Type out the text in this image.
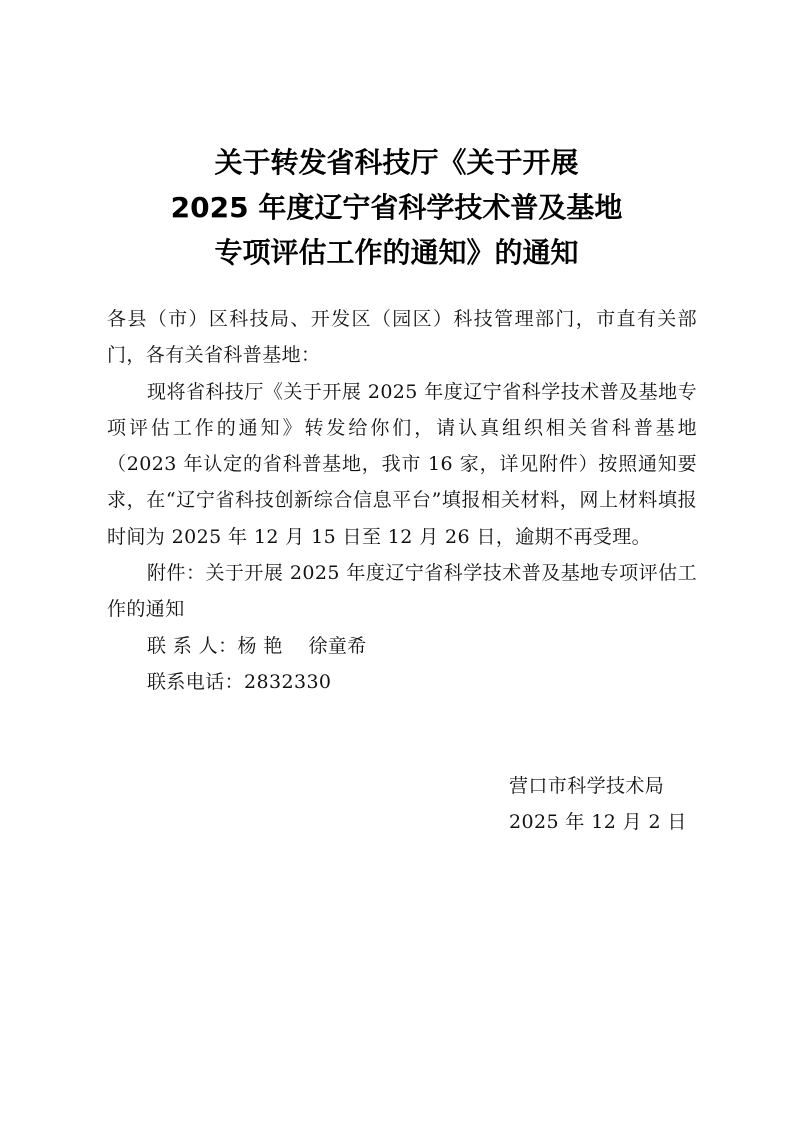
关于转发省科技厅《关于开展
2025 年度辽宁省科学技术普及基地
专项评估工作的通知》的通知

各县（市）区科技局、开发区（园区）科技管理部门，市直有关部门，各有关省科普基地：

现将省科技厅《关于开展 2025 年度辽宁省科学技术普及基地专项评估工作的通知》转发给你们，请认真组织相关省科普基地（2023 年认定的省科普基地，我市 16 家，详见附件）按照通知要求，在“辽宁省科技创新综合信息平台”填报相关材料，网上材料填报时间为 2025 年 12 月 15 日至 12 月 26 日，逾期不再受理。

附件：关于开展 2025 年度辽宁省科学技术普及基地专项评估工作的通知

联 系 人：杨 艳    徐童希

联系电话：2832330

营口市科学技术局
2025 年 12 月 2 日
